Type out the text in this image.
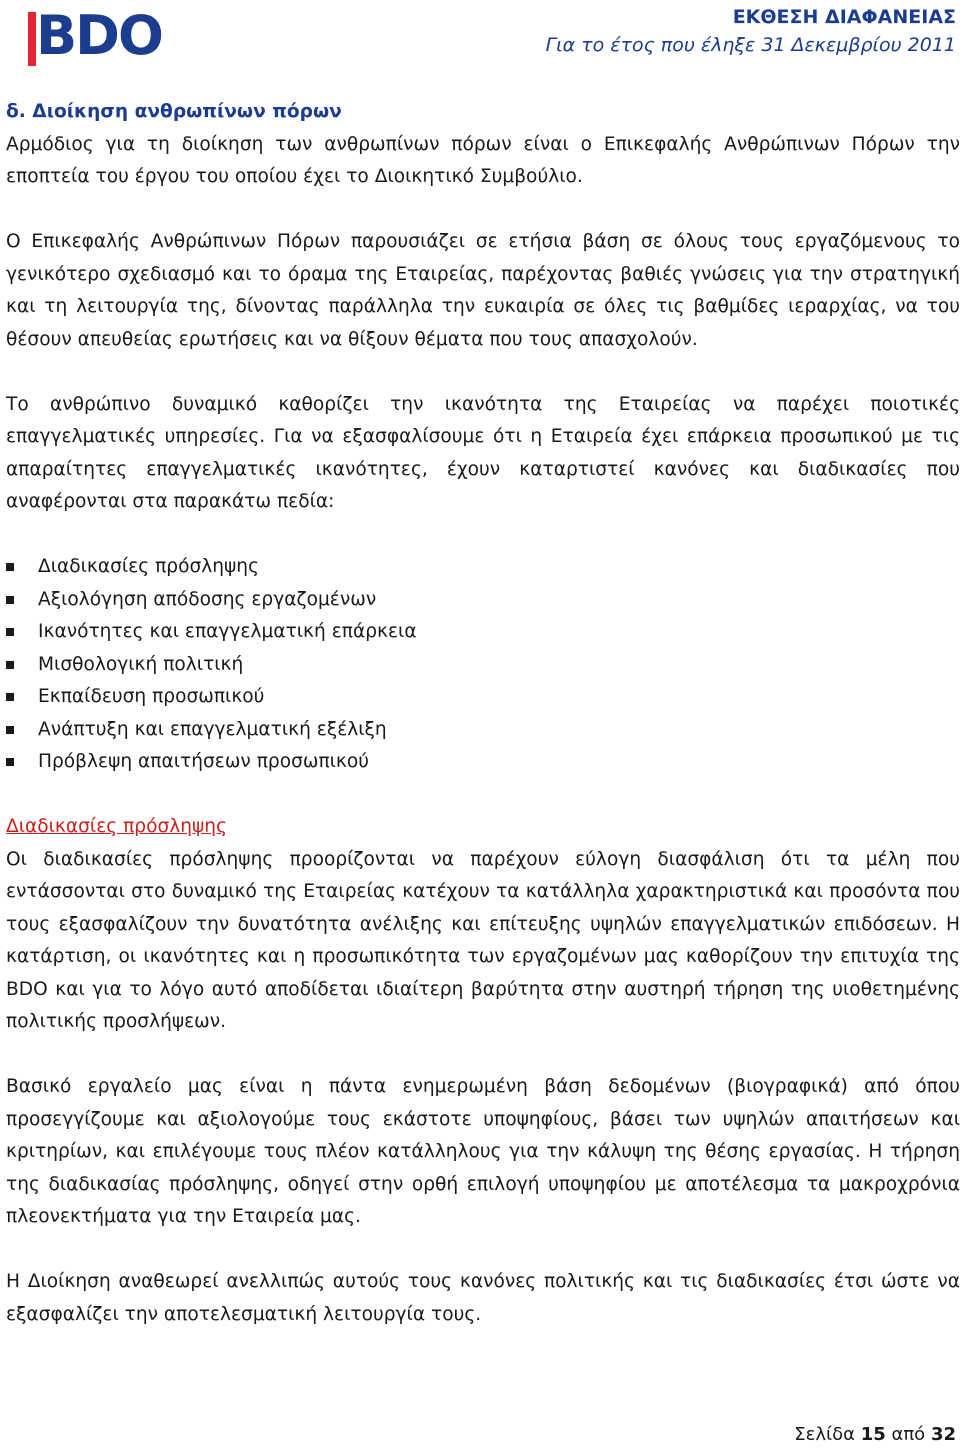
BDO	ΕΚΘΕΣΗ ΔΙΑΦΑΝΕΙΑΣ
Για το έτος που έληξε 31 Δεκεμβρίου 2011

δ. Διοίκηση ανθρωπίνων πόρων

Αρμόδιος για τη διοίκηση των ανθρωπίνων πόρων είναι ο Επικεφαλής Ανθρώπινων Πόρων την εποπτεία του έργου του οποίου έχει το Διοικητικό Συμβούλιο.

Ο Επικεφαλής Ανθρώπινων Πόρων παρουσιάζει σε ετήσια βάση σε όλους τους εργαζόμενους το γενικότερο σχεδιασμό και το όραμα της Εταιρείας, παρέχοντας βαθιές γνώσεις για την στρατηγική και τη λειτουργία της, δίνοντας παράλληλα την ευκαιρία σε όλες τις βαθμίδες ιεραρχίας, να του θέσουν απευθείας ερωτήσεις και να θίξουν θέματα που τους απασχολούν.

Το ανθρώπινο δυναμικό καθορίζει την ικανότητα της Εταιρείας να παρέχει ποιοτικές επαγγελματικές υπηρεσίες. Για να εξασφαλίσουμε ότι η Εταιρεία έχει επάρκεια προσωπικού με τις απαραίτητες επαγγελματικές ικανότητες, έχουν καταρτιστεί κανόνες και διαδικασίες που αναφέρονται στα παρακάτω πεδία:

Διαδικασίες πρόσληψης
Αξιολόγηση απόδοσης εργαζομένων
Ικανότητες και επαγγελματική επάρκεια
Μισθολογική πολιτική
Εκπαίδευση προσωπικού
Ανάπτυξη και επαγγελματική εξέλιξη
Πρόβλεψη απαιτήσεων προσωπικού

Διαδικασίες πρόσληψης

Οι διαδικασίες πρόσληψης προορίζονται να παρέχουν εύλογη διασφάλιση ότι τα μέλη που εντάσσονται στο δυναμικό της Εταιρείας κατέχουν τα κατάλληλα χαρακτηριστικά και προσόντα που τους εξασφαλίζουν την δυνατότητα ανέλιξης και επίτευξης υψηλών επαγγελματικών επιδόσεων. Η κατάρτιση, οι ικανότητες και η προσωπικότητα των εργαζομένων μας καθορίζουν την επιτυχία της BDO και για το λόγο αυτό αποδίδεται ιδιαίτερη βαρύτητα στην αυστηρή τήρηση της υιοθετημένης πολιτικής προσλήψεων.

Βασικό εργαλείο μας είναι η πάντα ενημερωμένη βάση δεδομένων (βιογραφικά) από όπου προσεγγίζουμε και αξιολογούμε τους εκάστοτε υποψηφίους, βάσει των υψηλών απαιτήσεων και κριτηρίων, και επιλέγουμε τους πλέον κατάλληλους για την κάλυψη της θέσης εργασίας. Η τήρηση της διαδικασίας πρόσληψης, οδηγεί στην ορθή επιλογή υποψηφίου με αποτέλεσμα τα μακροχρόνια πλεονεκτήματα για την Εταιρεία μας.

Η Διοίκηση αναθεωρεί ανελλιπώς αυτούς τους κανόνες πολιτικής και τις διαδικασίες έτσι ώστε να εξασφαλίζει την αποτελεσματική λειτουργία τους.

Σελίδα 15 από 32
